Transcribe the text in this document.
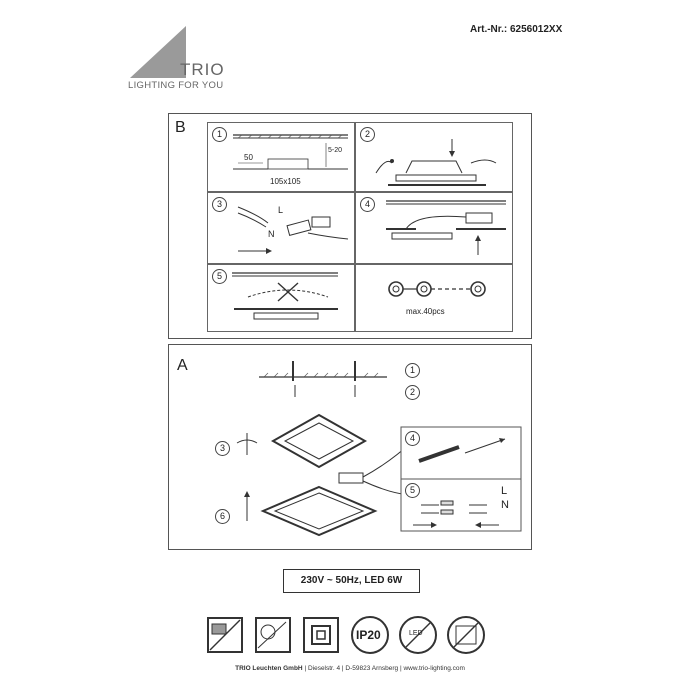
Art.-Nr.: 6256012XX
TRIO
LIGHTING FOR YOU
B	1
50
5-20
105x105
2
3
L
N
4
5
max.40pcs
A	1
2
3
4
5
6
L
N
230V ~ 50Hz, LED 6W
IP20	LED
TRIO Leuchten GmbH | Dieselstr. 4 | D-59823 Arnsberg | www.trio-lighting.com
